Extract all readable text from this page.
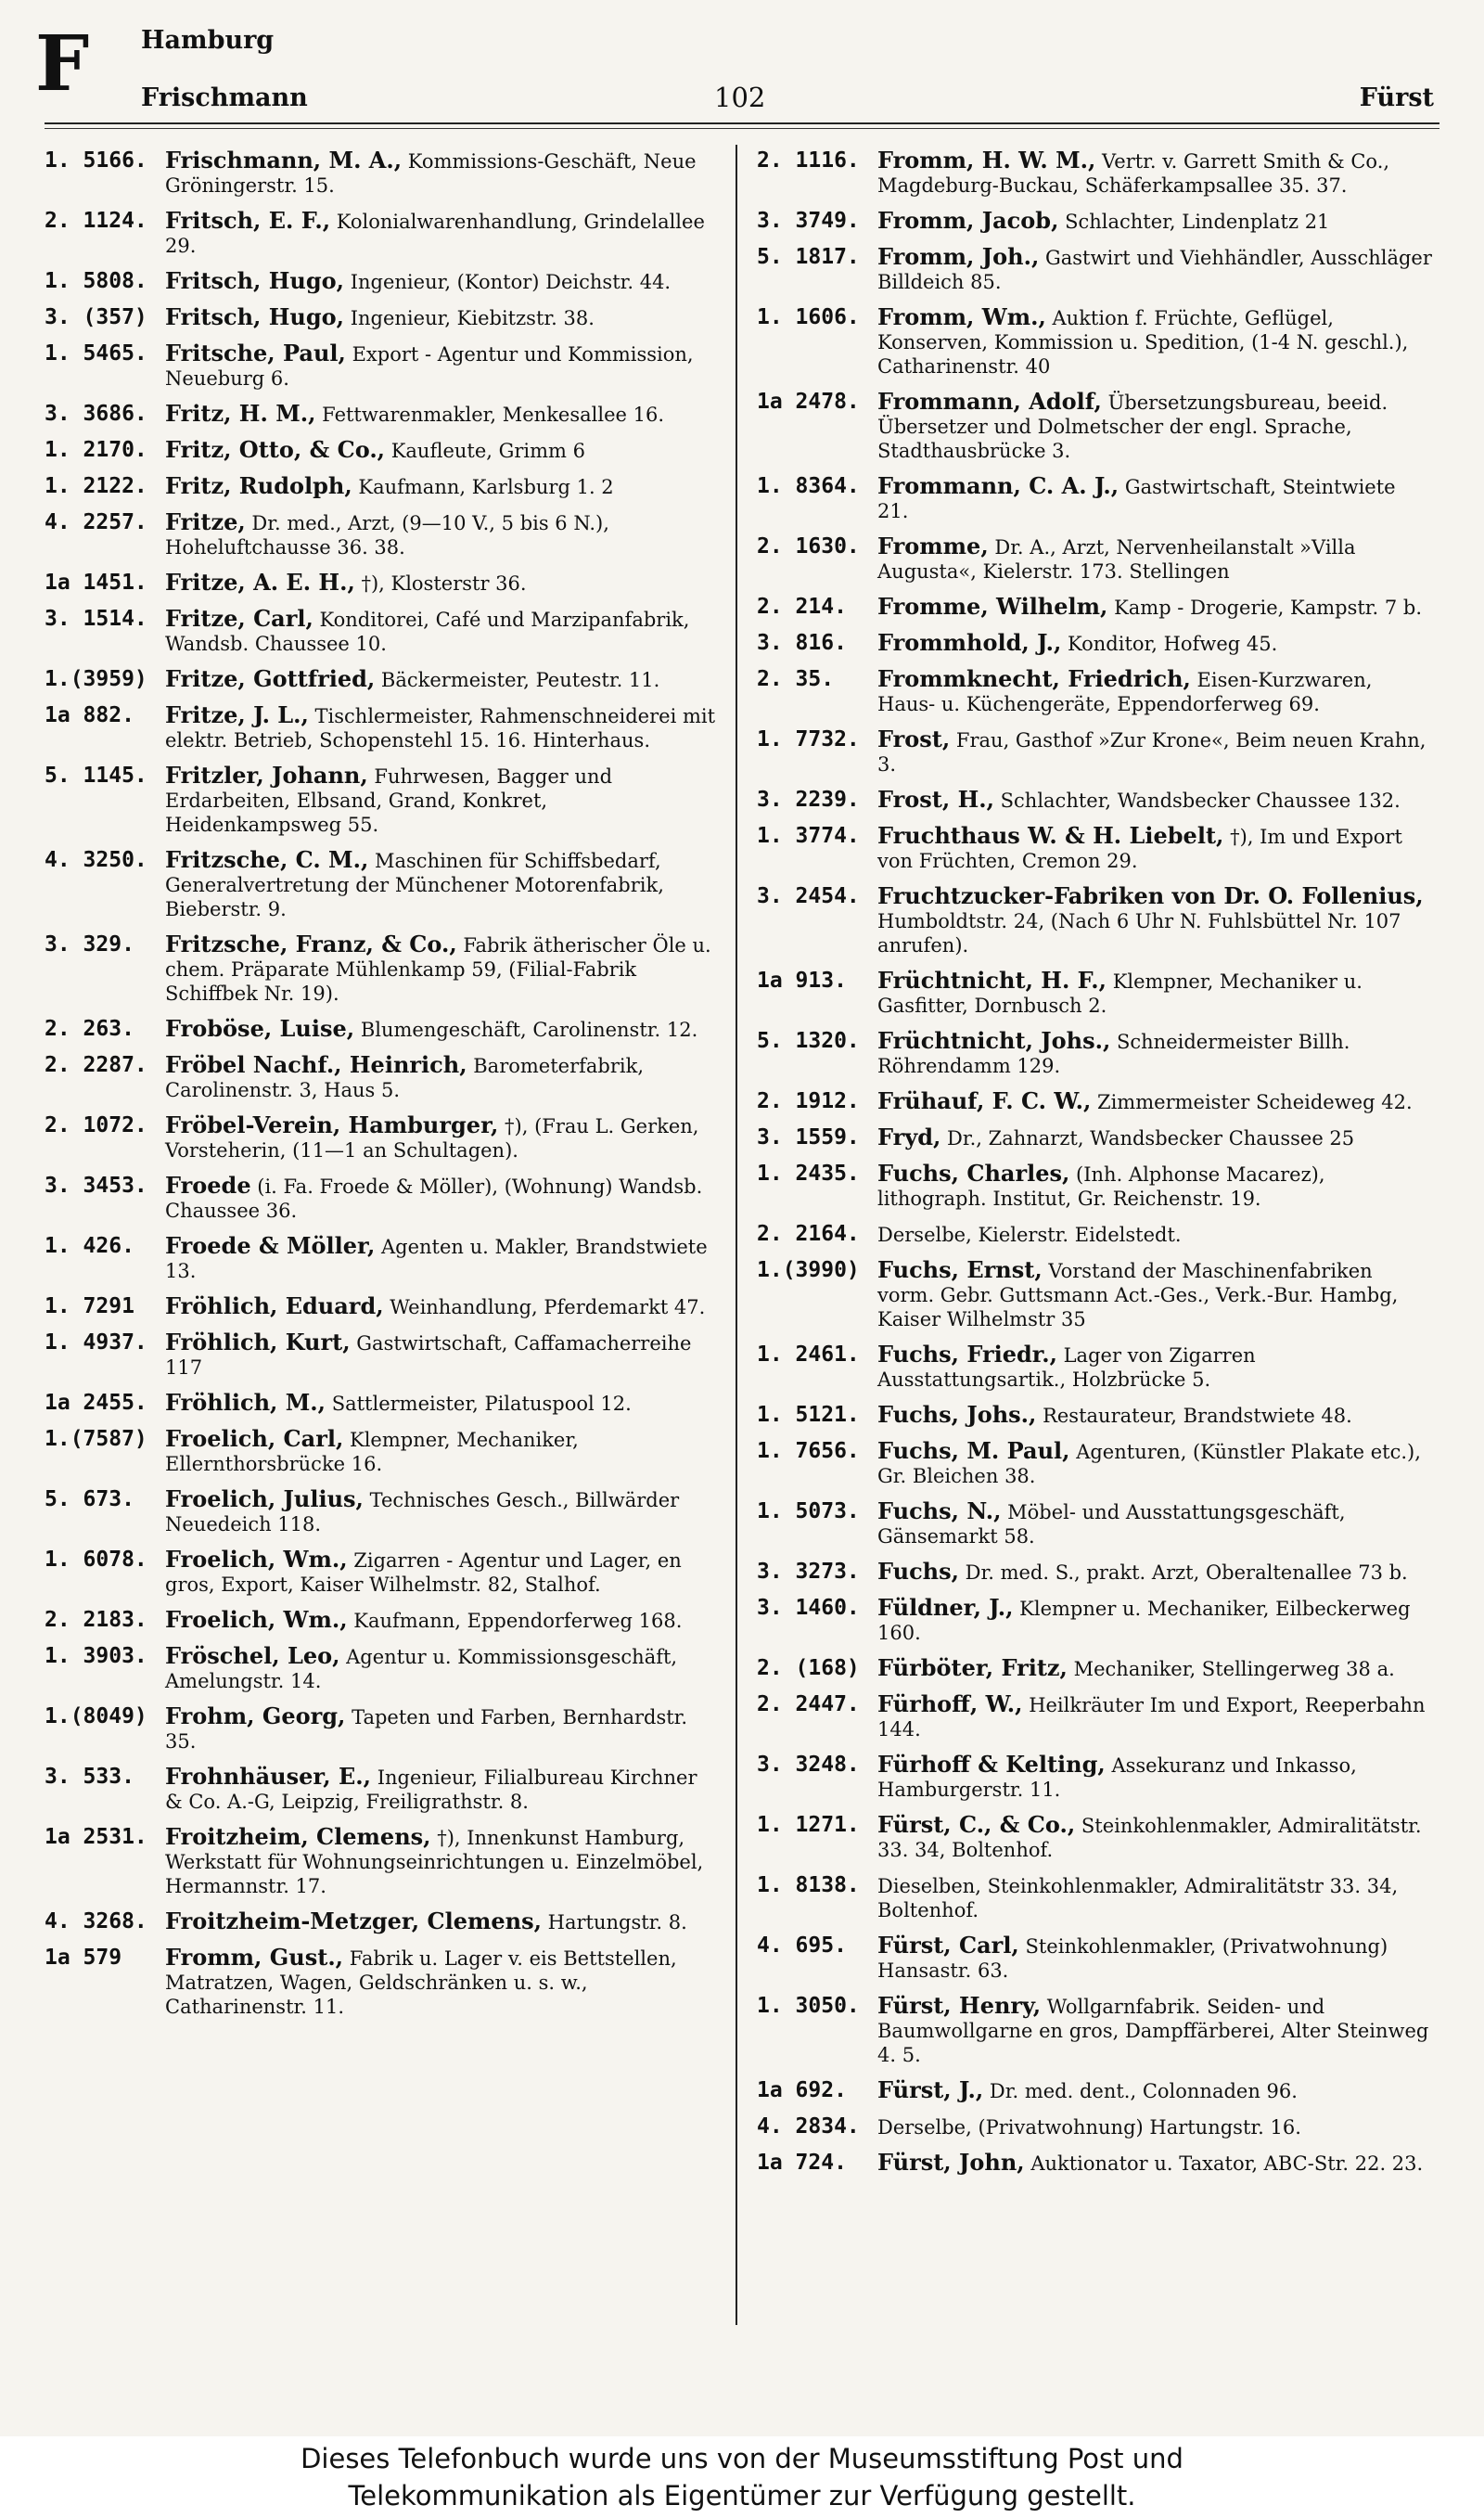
F Hamburg
Frischmann	102	Fürst
1. 5166. Frischmann, M. A., Kommissions-Geschäft, Neue Gröningerstr. 15.
2. 1124. Fritsch, E. F., Kolonialwarenhandlung, Grindelallee 29.
1. 5808. Fritsch, Hugo, Ingenieur, (Kontor) Deichstr. 44.
3. (357) Fritsch, Hugo, Ingenieur, Kiebitzstr. 38.
1. 5465. Fritsche, Paul, Export - Agentur und Kommission, Neueburg 6.
3. 3686. Fritz, H. M., Fettwarenmakler, Menkesallee 16.
1. 2170. Fritz, Otto, & Co., Kaufleute, Grimm 6
1. 2122. Fritz, Rudolph, Kaufmann, Karlsburg 1. 2
4. 2257. Fritze, Dr. med., Arzt, (9—10 V., 5 bis 6 N.), Hoheluftchausse 36. 38.
1a 1451. Fritze, A. E. H., †), Klosterstr 36.
3. 1514. Fritze, Carl, Konditorei, Café und Marzipanfabrik, Wandsb. Chaussee 10.
1.(3959) Fritze, Gottfried, Bäckermeister, Peutestr. 11.
1a 882. Fritze, J. L., Tischlermeister, Rahmenschneiderei mit elektr. Betrieb, Schopenstehl 15. 16. Hinterhaus.
5. 1145. Fritzler, Johann, Fuhrwesen, Bagger und Erdarbeiten, Elbsand, Grand, Konkret, Heidenkampsweg 55.
4. 3250. Fritzsche, C. M., Maschinen für Schiffsbedarf, Generalvertretung der Münchener Motorenfabrik, Bieberstr. 9.
3. 329. Fritzsche, Franz, & Co., Fabrik ätherischer Öle u. chem. Präparate Mühlenkamp 59, (Filial-Fabrik Schiffbek Nr. 19).
2. 263. Froböse, Luise, Blumengeschäft, Carolinenstr. 12.
2. 2287. Fröbel Nachf., Heinrich, Barometerfabrik, Carolinenstr. 3, Haus 5.
2. 1072. Fröbel-Verein, Hamburger, †), (Frau L. Gerken, Vorsteherin, (11—1 an Schultagen).
3. 3453. Froede (i. Fa. Froede & Möller), (Wohnung) Wandsb. Chaussee 36.
1. 426. Froede & Möller, Agenten u. Makler, Brandstwiete 13.
1. 7291 Fröhlich, Eduard, Weinhandlung, Pferdemarkt 47.
1. 4937. Fröhlich, Kurt, Gastwirtschaft, Caffamacherreihe 117
1a 2455. Fröhlich, M., Sattlermeister, Pilatuspool 12.
1.(7587) Froelich, Carl, Klempner, Mechaniker, Ellernthorsbrücke 16.
5. 673. Froelich, Julius, Technisches Gesch., Billwärder Neuedeich 118.
1. 6078. Froelich, Wm., Zigarren - Agentur und Lager, en gros, Export, Kaiser Wilhelmstr. 82, Stalhof.
2. 2183. Froelich, Wm., Kaufmann, Eppendorferweg 168.
1. 3903. Fröschel, Leo, Agentur u. Kommissionsgeschäft, Amelungstr. 14.
1.(8049) Frohm, Georg, Tapeten und Farben, Bernhardstr. 35.
3. 533. Frohnhäuser, E., Ingenieur, Filialbureau Kirchner & Co. A.-G, Leipzig, Freiligrathstr. 8.
1a 2531. Froitzheim, Clemens, †), Innenkunst Hamburg, Werkstatt für Wohnungseinrichtungen u. Einzelmöbel, Hermannstr. 17.
4. 3268. Froitzheim-Metzger, Clemens, Hartungstr. 8.
1a 579 Fromm, Gust., Fabrik u. Lager v. eis Bettstellen, Matratzen, Wagen, Geldschränken u. s. w., Catharinenstr. 11.
2. 1116. Fromm, H. W. M., Vertr. v. Garrett Smith & Co., Magdeburg-Buckau, Schäferkampsallee 35. 37.
3. 3749. Fromm, Jacob, Schlachter, Lindenplatz 21
5. 1817. Fromm, Joh., Gastwirt und Viehhändler, Ausschläger Billdeich 85.
1. 1606. Fromm, Wm., Auktion f. Früchte, Geflügel, Konserven, Kommission u. Spedition, (1-4 N. geschl.), Catharinenstr. 40
1a 2478. Frommann, Adolf, Übersetzungsbureau, beeid. Übersetzer und Dolmetscher der engl. Sprache, Stadthausbrücke 3.
1. 8364. Frommann, C. A. J., Gastwirtschaft, Steintwiete 21.
2. 1630. Fromme, Dr. A., Arzt, Nervenheilanstalt »Villa Augusta«, Kielerstr. 173. Stellingen
2. 214. Fromme, Wilhelm, Kamp - Drogerie, Kampstr. 7 b.
3. 816. Frommhold, J., Konditor, Hofweg 45.
2. 35. Frommknecht, Friedrich, Eisen-Kurzwaren, Haus- u. Küchengeräte, Eppendorferweg 69.
1. 7732. Frost, Frau, Gasthof »Zur Krone«, Beim neuen Krahn, 3.
3. 2239. Frost, H., Schlachter, Wandsbecker Chaussee 132.
1. 3774. Fruchthaus W. & H. Liebelt, †), Im und Export von Früchten, Cremon 29.
3. 2454. Fruchtzucker-Fabriken von Dr. O. Follenius, Humboldtstr. 24, (Nach 6 Uhr N. Fuhlsbüttel Nr. 107 anrufen).
1a 913. Früchtnicht, H. F., Klempner, Mechaniker u. Gasfitter, Dornbusch 2.
5. 1320. Früchtnicht, Johs., Schneidermeister Billh. Röhrendamm 129.
2. 1912. Frühauf, F. C. W., Zimmermeister Scheideweg 42.
3. 1559. Fryd, Dr., Zahnarzt, Wandsbecker Chaussee 25
1. 2435. Fuchs, Charles, (Inh. Alphonse Macarez), lithograph. Institut, Gr. Reichenstr. 19.
2. 2164. Derselbe, Kielerstr. Eidelstedt.
1.(3990) Fuchs, Ernst, Vorstand der Maschinenfabriken vorm. Gebr. Guttsmann Act.-Ges., Verk.-Bur. Hambg, Kaiser Wilhelmstr 35
1. 2461. Fuchs, Friedr., Lager von Zigarren Ausstattungsartik., Holzbrücke 5.
1. 5121. Fuchs, Johs., Restaurateur, Brandstwiete 48.
1. 7656. Fuchs, M. Paul, Agenturen, (Künstler Plakate etc.), Gr. Bleichen 38.
1. 5073. Fuchs, N., Möbel- und Ausstattungsgeschäft, Gänsemarkt 58.
3. 3273. Fuchs, Dr. med. S., prakt. Arzt, Oberaltenallee 73 b.
3. 1460. Füldner, J., Klempner u. Mechaniker, Eilbeckerweg 160.
2. (168) Fürböter, Fritz, Mechaniker, Stellingerweg 38 a.
2. 2447. Fürhoff, W., Heilkräuter Im und Export, Reeperbahn 144.
3. 3248. Fürhoff & Kelting, Assekuranz und Inkasso, Hamburgerstr. 11.
1. 1271. Fürst, C., & Co., Steinkohlenmakler, Admiralitätstr. 33. 34, Boltenhof.
1. 8138. Dieselben, Steinkohlenmakler, Admiralitätstr 33. 34, Boltenhof.
4. 695. Fürst, Carl, Steinkohlenmakler, (Privatwohnung) Hansastr. 63.
1. 3050. Fürst, Henry, Wollgarnfabrik. Seiden- und Baumwollgarne en gros, Dampffärberei, Alter Steinweg 4. 5.
1a 692. Fürst, J., Dr. med. dent., Colonnaden 96.
4. 2834. Derselbe, (Privatwohnung) Hartungstr. 16.
1a 724. Fürst, John, Auktionator u. Taxator, ABC-Str. 22. 23.
Dieses Telefonbuch wurde uns von der Museumsstiftung Post und
Telekommunikation als Eigentümer zur Verfügung gestellt.
